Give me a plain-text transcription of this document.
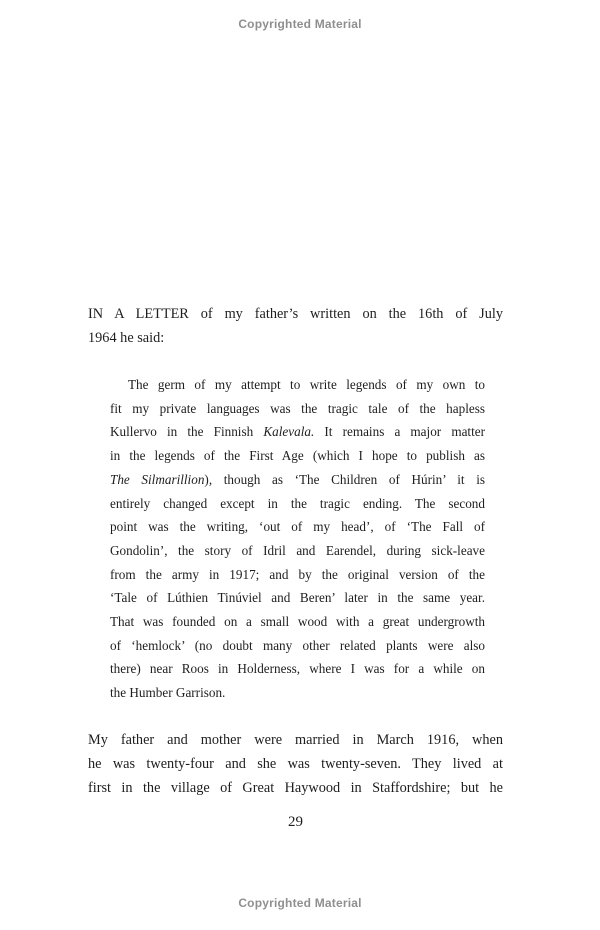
Copyrighted Material
IN A LETTER of my father’s written on the 16th of July
1964 he said:
The germ of my attempt to write legends of my own to
fit my private languages was the tragic tale of the hapless
Kullervo in the Finnish Kalevala. It remains a major matter
in the legends of the First Age (which I hope to publish as
The Silmarillion), though as ‘The Children of Húrin’ it is
entirely changed except in the tragic ending. The second
point was the writing, ‘out of my head’, of ‘The Fall of
Gondolin’, the story of Idril and Earendel, during sick-leave
from the army in 1917; and by the original version of the
‘Tale of Lúthien Tinúviel and Beren’ later in the same year.
That was founded on a small wood with a great undergrowth
of ‘hemlock’ (no doubt many other related plants were also
there) near Roos in Holderness, where I was for a while on
the Humber Garrison.
My father and mother were married in March 1916, when
he was twenty-four and she was twenty-seven. They lived at
first in the village of Great Haywood in Staffordshire; but he
29
Copyrighted Material
